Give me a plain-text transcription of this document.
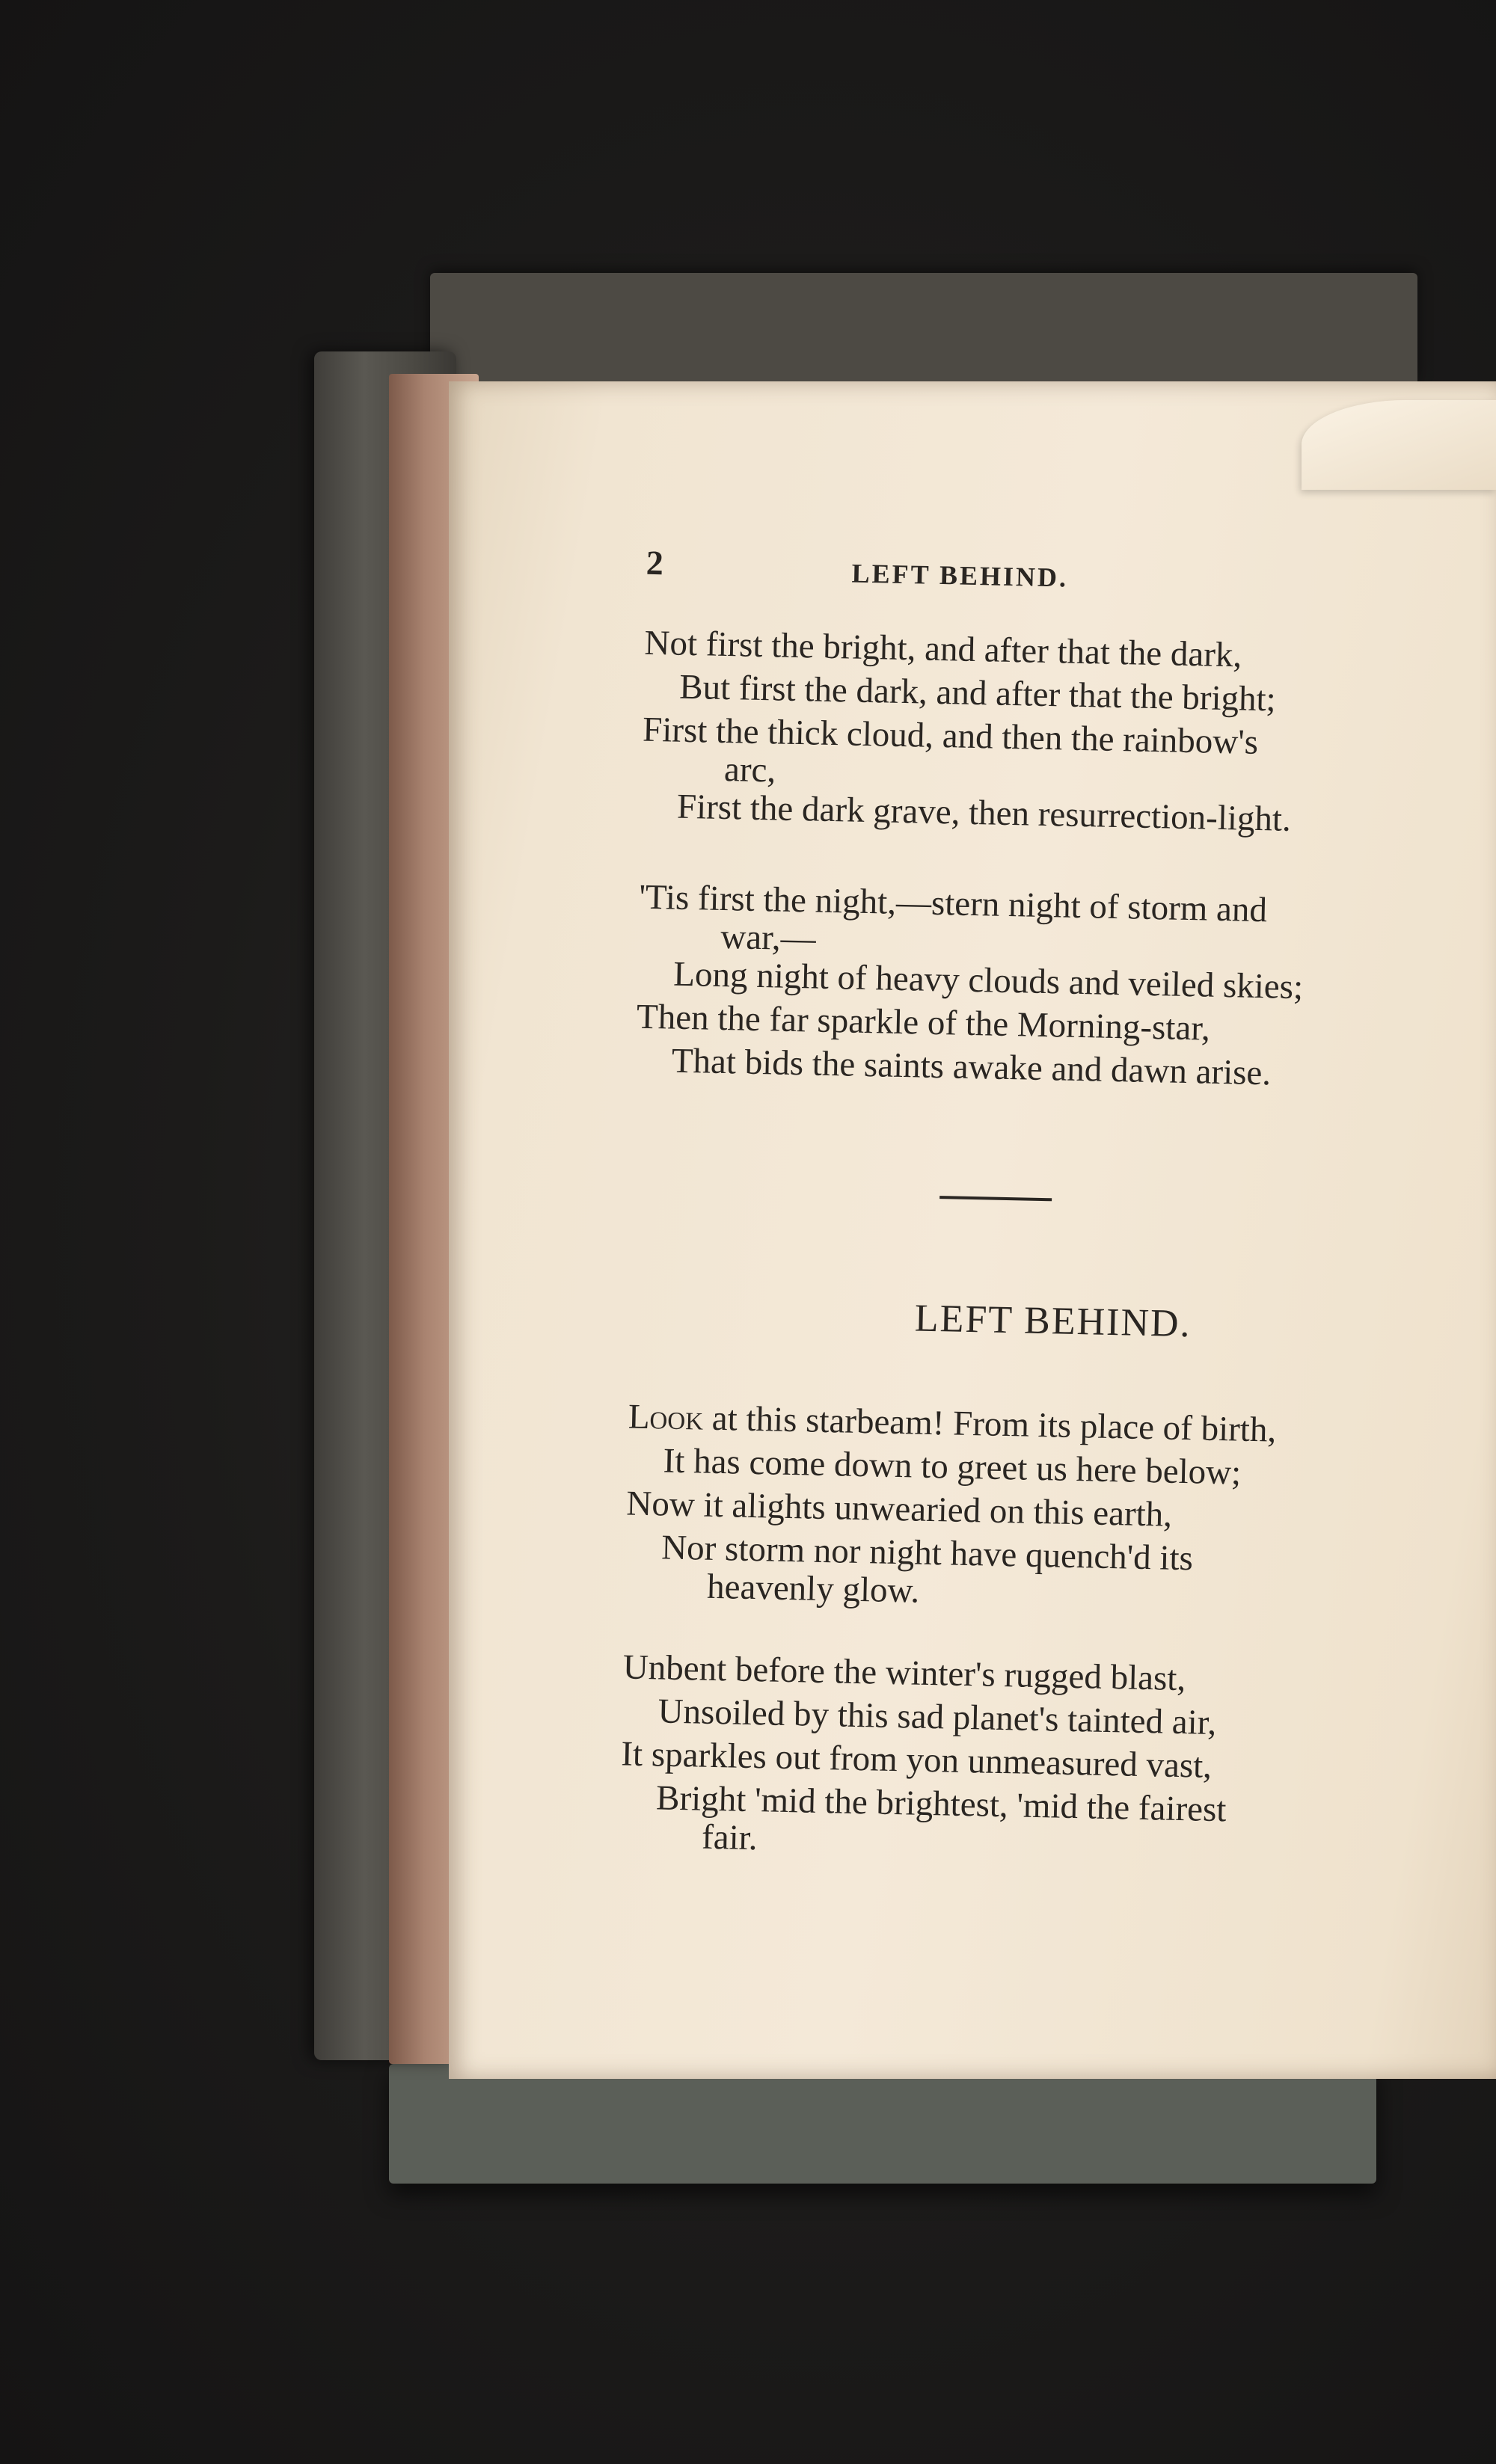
2	LEFT BEHIND.
Not first the bright, and after that the dark,
But first the dark, and after that the bright;
First the thick cloud, and then the rainbow's
arc,
First the dark grave, then resurrection-light.
'Tis first the night,—stern night of storm and
war,—
Long night of heavy clouds and veiled skies;
Then the far sparkle of the Morning-star,
That bids the saints awake and dawn arise.
LEFT BEHIND.
Look at this starbeam! From its place of birth,
It has come down to greet us here below;
Now it alights unwearied on this earth,
Nor storm nor night have quench'd its
heavenly glow.
Unbent before the winter's rugged blast,
Unsoiled by this sad planet's tainted air,
It sparkles out from yon unmeasured vast,
Bright 'mid the brightest, 'mid the fairest
fair.
